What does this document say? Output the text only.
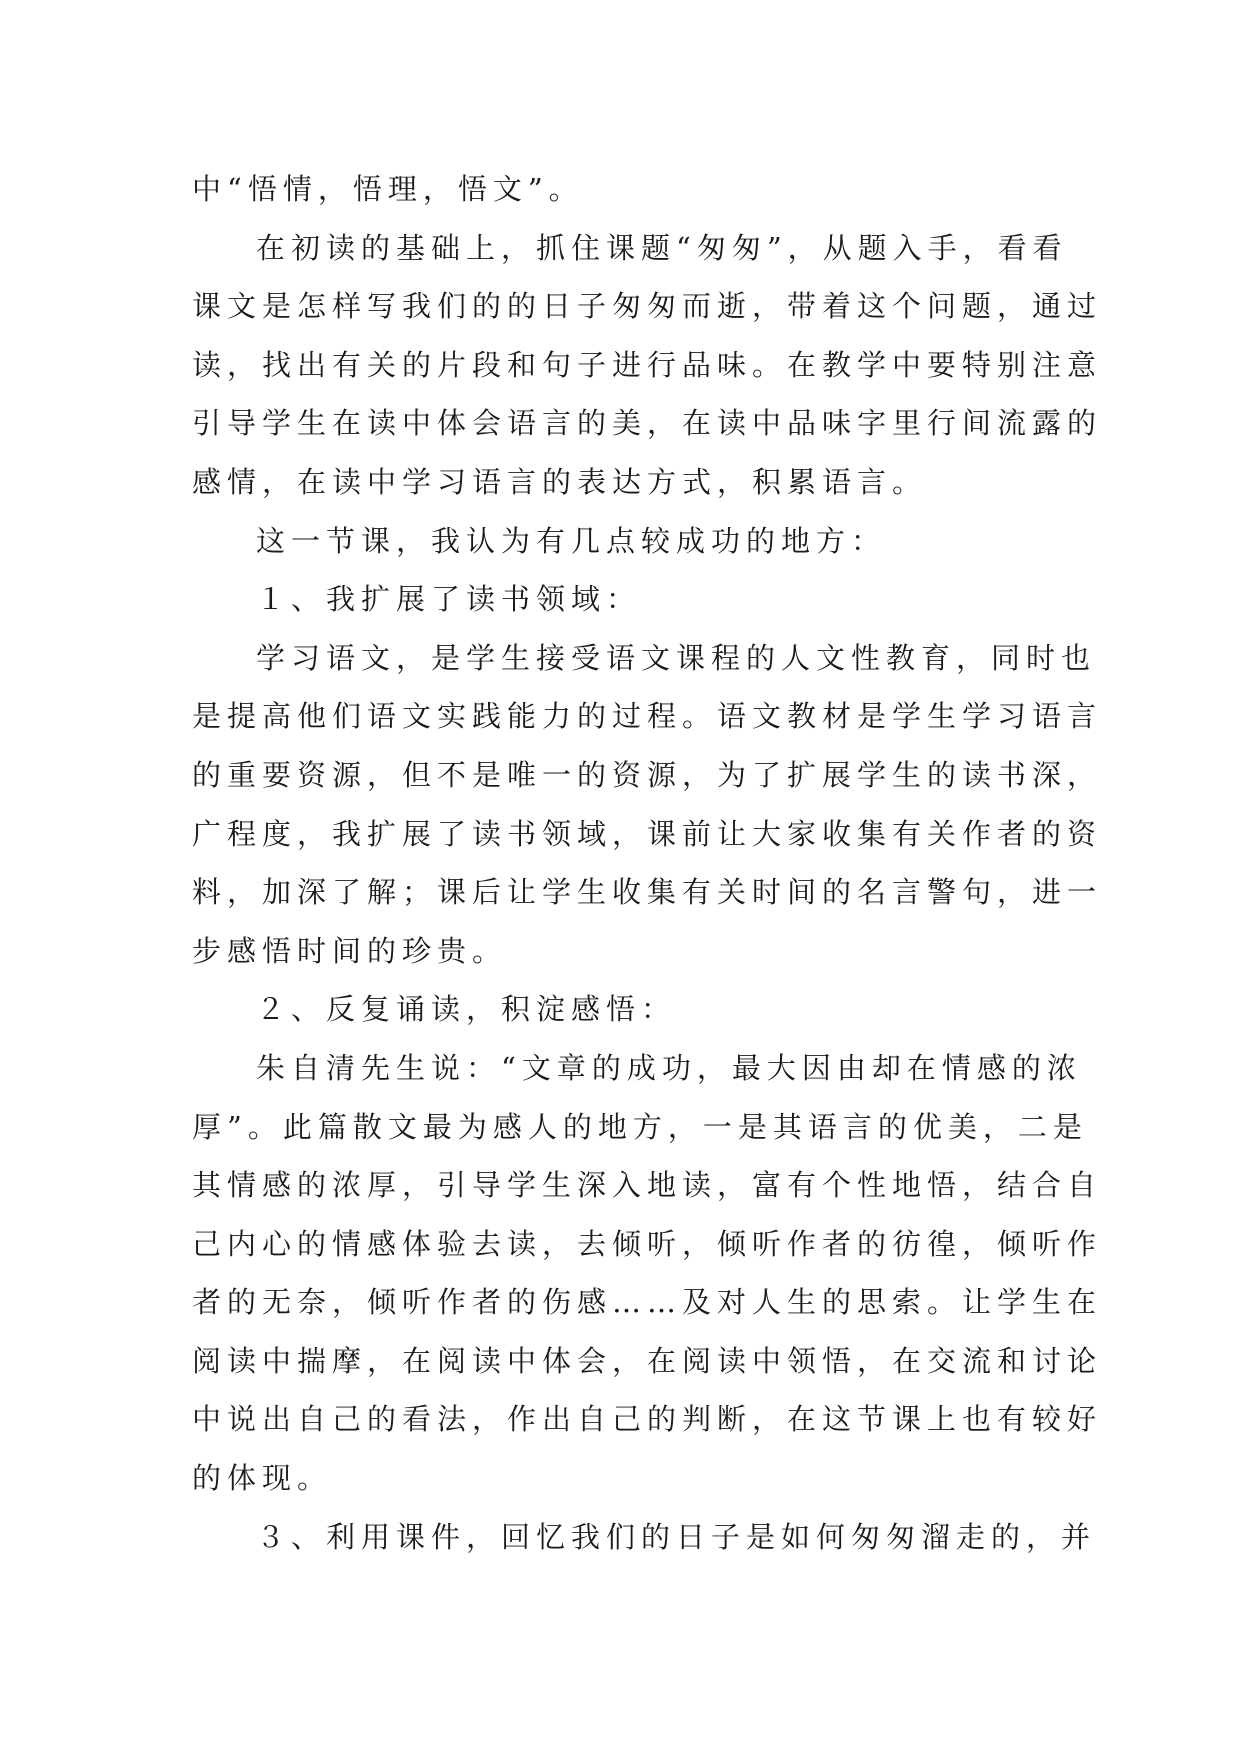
中“悟情，悟理，悟文”。
在初读的基础上，抓住课题“匆匆”，从题入手，看看
课文是怎样写我们的的日子匆匆而逝，带着这个问题，通过
读，找出有关的片段和句子进行品味。在教学中要特别注意
引导学生在读中体会语言的美，在读中品味字里行间流露的
感情，在读中学习语言的表达方式，积累语言。
这一节课，我认为有几点较成功的地方：
１、我扩展了读书领域：
学习语文，是学生接受语文课程的人文性教育，同时也
是提高他们语文实践能力的过程。语文教材是学生学习语言
的重要资源，但不是唯一的资源，为了扩展学生的读书深，
广程度，我扩展了读书领域，课前让大家收集有关作者的资
料，加深了解；课后让学生收集有关时间的名言警句，进一
步感悟时间的珍贵。
２、反复诵读，积淀感悟：
朱自清先生说：“文章的成功，最大因由却在情感的浓
厚”。此篇散文最为感人的地方，一是其语言的优美，二是
其情感的浓厚，引导学生深入地读，富有个性地悟，结合自
己内心的情感体验去读，去倾听，倾听作者的彷徨，倾听作
者的无奈，倾听作者的伤感……及对人生的思索。让学生在
阅读中揣摩，在阅读中体会，在阅读中领悟，在交流和讨论
中说出自己的看法，作出自己的判断，在这节课上也有较好
的体现。
３、利用课件，回忆我们的日子是如何匆匆溜走的，并
